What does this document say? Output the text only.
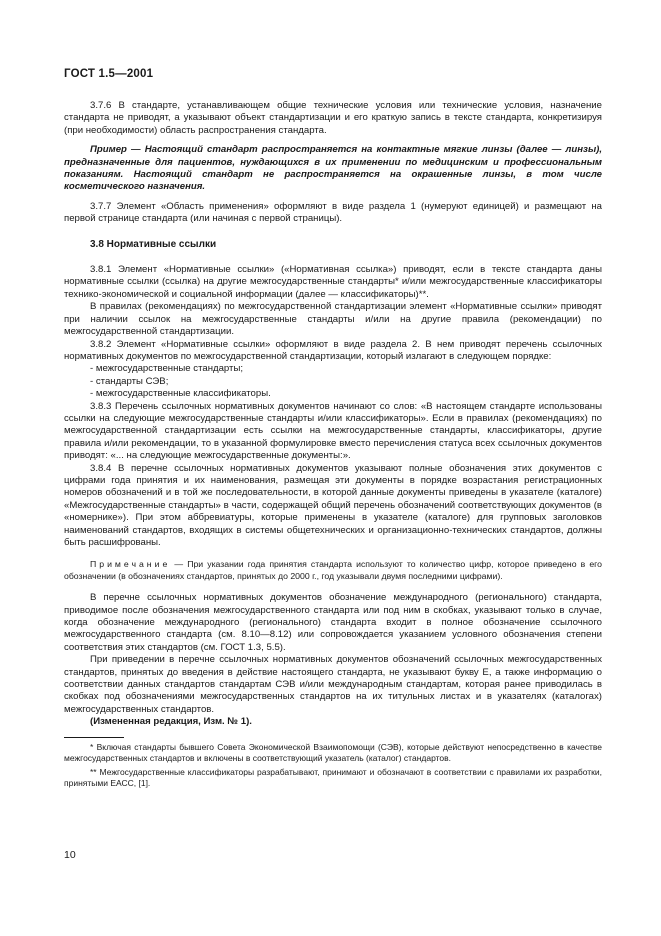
ГОСТ 1.5—2001

3.7.6 В стандарте, устанавливающем общие технические условия или технические условия, назначение стандарта не приводят, а указывают объект стандартизации и его краткую запись в тексте стандарта, конкретизируя (при необходимости) область распространения стандарта.

Пример — Настоящий стандарт распространяется на контактные мягкие линзы (далее — линзы), предназначенные для пациентов, нуждающихся в их применении по медицинским и профессиональным показаниям. Настоящий стандарт не распространяется на окрашенные линзы, в том числе косметического назначения.

3.7.7 Элемент «Область применения» оформляют в виде раздела 1 (нумеруют единицей) и размещают на первой странице стандарта (или начиная с первой страницы).

3.8 Нормативные ссылки

3.8.1 Элемент «Нормативные ссылки» («Нормативная ссылка») приводят, если в тексте стандарта даны нормативные ссылки (ссылка) на другие межгосударственные стандарты* и/или межгосударственные классификаторы технико-экономической и социальной информации (далее — классификаторы)**.

В правилах (рекомендациях) по межгосударственной стандартизации элемент «Нормативные ссылки» приводят при наличии ссылок на межгосударственные стандарты и/или на другие правила (рекомендации) по межгосударственной стандартизации.

3.8.2 Элемент «Нормативные ссылки» оформляют в виде раздела 2. В нем приводят перечень ссылочных нормативных документов по межгосударственной стандартизации, который излагают в следующем порядке:

- межгосударственные стандарты;

- стандарты СЭВ;

- межгосударственные классификаторы.

3.8.3 Перечень ссылочных нормативных документов начинают со слов: «В настоящем стандарте использованы ссылки на следующие межгосударственные стандарты и/или классификаторы». Если в правилах (рекомендациях) по межгосударственной стандартизации есть ссылки на межгосударственные стандарты, классификаторы, другие правила и/или рекомендации, то в указанной формулировке вместо перечисления статуса всех ссылочных документов приводят: «... на следующие межгосударственные документы:».

3.8.4 В перечне ссылочных нормативных документов указывают полные обозначения этих документов с цифрами года принятия и их наименования, размещая эти документы в порядке возрастания регистрационных номеров обозначений и в той же последовательности, в которой данные документы приведены в указателе (каталоге) «Межгосударственные стандарты» в части, содержащей общий перечень обозначений соответствующих документов (в «номернике»). При этом аббревиатуры, которые применены в указателе (каталоге) для групповых заголовков наименований стандартов, входящих в системы общетехнических и организационно-технических стандартов, должны быть расшифрованы.

Примечание — При указании года принятия стандарта используют то количество цифр, которое приведено в его обозначении (в обозначениях стандартов, принятых до 2000 г., год указывали двумя последними цифрами).

В перечне ссылочных нормативных документов обозначение международного (регионального) стандарта, приводимое после обозначения межгосударственного стандарта или под ним в скобках, указывают только в случае, когда обозначение международного (регионального) стандарта входит в полное обозначение ссылочного межгосударственного стандарта (см. 8.10—8.12) или сопровождается указанием условного обозначения степени соответствия этих стандартов (см. ГОСТ 1.3, 5.5).

При приведении в перечне ссылочных нормативных документов обозначений ссылочных межгосударственных стандартов, принятых до введения в действие настоящего стандарта, не указывают букву Е, а также информацию о соответствии данных стандартов стандартам СЭВ и/или международным стандартам, которая ранее приводилась в скобках под обозначениями межгосударственных стандартов на их титульных листах и в указателях (каталогах) межгосударственных стандартов.

(Измененная редакция, Изм. № 1).

* Включая стандарты бывшего Совета Экономической Взаимопомощи (СЭВ), которые действуют непосредственно в качестве межгосударственных стандартов и включены в соответствующий указатель (каталог) стандартов.

** Межгосударственные классификаторы разрабатывают, принимают и обозначают в соответствии с правилами их разработки, принятыми ЕАСС, [1].

10
